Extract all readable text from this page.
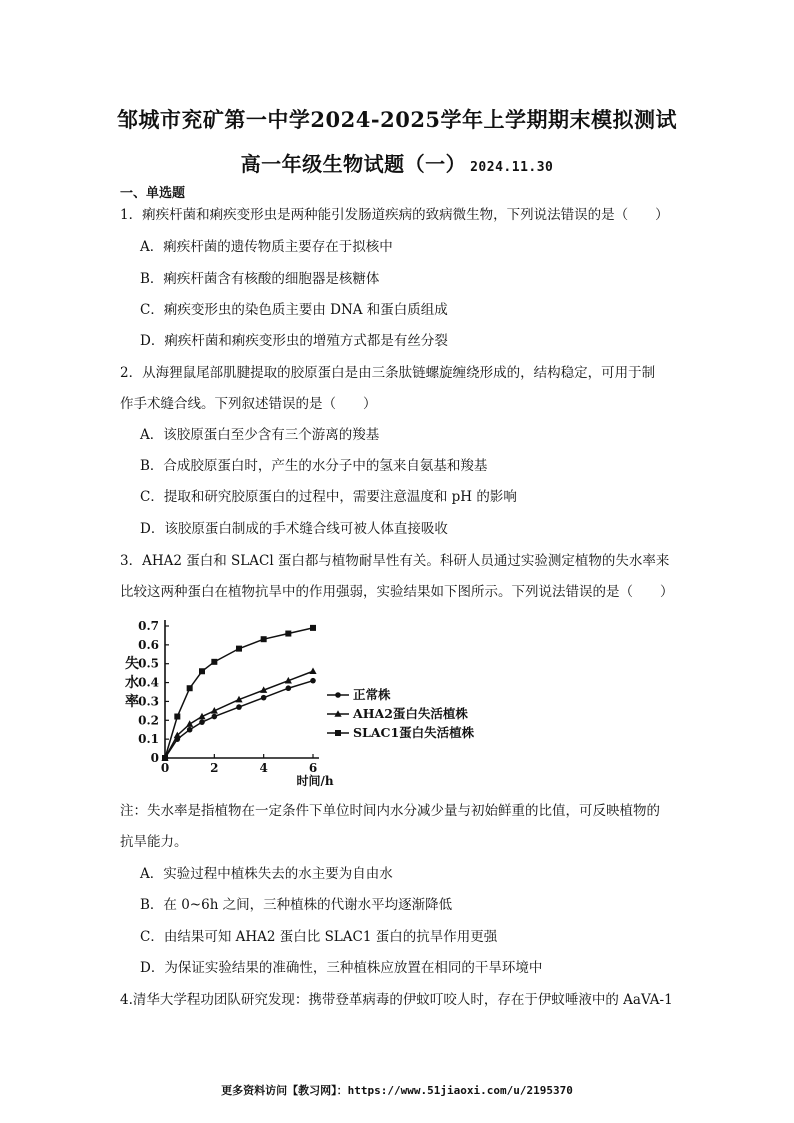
邹城市兖矿第一中学2024-2025学年上学期期末模拟测试
高一年级生物试题（一） 2024.11.30
一、单选题
1．痢疾杆菌和痢疾变形虫是两种能引发肠道疾病的致病微生物，下列说法错误的是（　　）
A．痢疾杆菌的遗传物质主要存在于拟核中
B．痢疾杆菌含有核酸的细胞器是核糖体
C．痢疾变形虫的染色质主要由 DNA 和蛋白质组成
D．痢疾杆菌和痢疾变形虫的增殖方式都是有丝分裂
2．从海狸鼠尾部肌腱提取的胶原蛋白是由三条肽链螺旋缠绕形成的，结构稳定，可用于制
作手术缝合线。下列叙述错误的是（　　）
A．该胶原蛋白至少含有三个游离的羧基
B．合成胶原蛋白时，产生的水分子中的氢来自氨基和羧基
C．提取和研究胶原蛋白的过程中，需要注意温度和 pH 的影响
D．该胶原蛋白制成的手术缝合线可被人体直接吸收
3．AHA2 蛋白和 SLACl 蛋白都与植物耐旱性有关。科研人员通过实验测定植物的失水率来
比较这两种蛋白在植物抗旱中的作用强弱，实验结果如下图所示。下列说法错误的是（　　）
0
0.1
0.2
0.3
0.4
0.5
0.6
0.7
0	2	4	6
时间/h
失
水
率	正常株
AHA2蛋白失活植株
SLAC1蛋白失活植株
注：失水率是指植物在一定条件下单位时间内水分减少量与初始鲜重的比值，可反映植物的
抗旱能力。
A．实验过程中植株失去的水主要为自由水
B．在 0~6h 之间，三种植株的代谢水平均逐渐降低
C．由结果可知 AHA2 蛋白比 SLAC1 蛋白的抗旱作用更强
D．为保证实验结果的准确性，三种植株应放置在相同的干旱环境中
4.清华大学程功团队研究发现：携带登革病毒的伊蚊叮咬人时，存在于伊蚊唾液中的 AaVA-1
更多资料访问【教习网】：https://www.51jiaoxi.com/u/2195370
